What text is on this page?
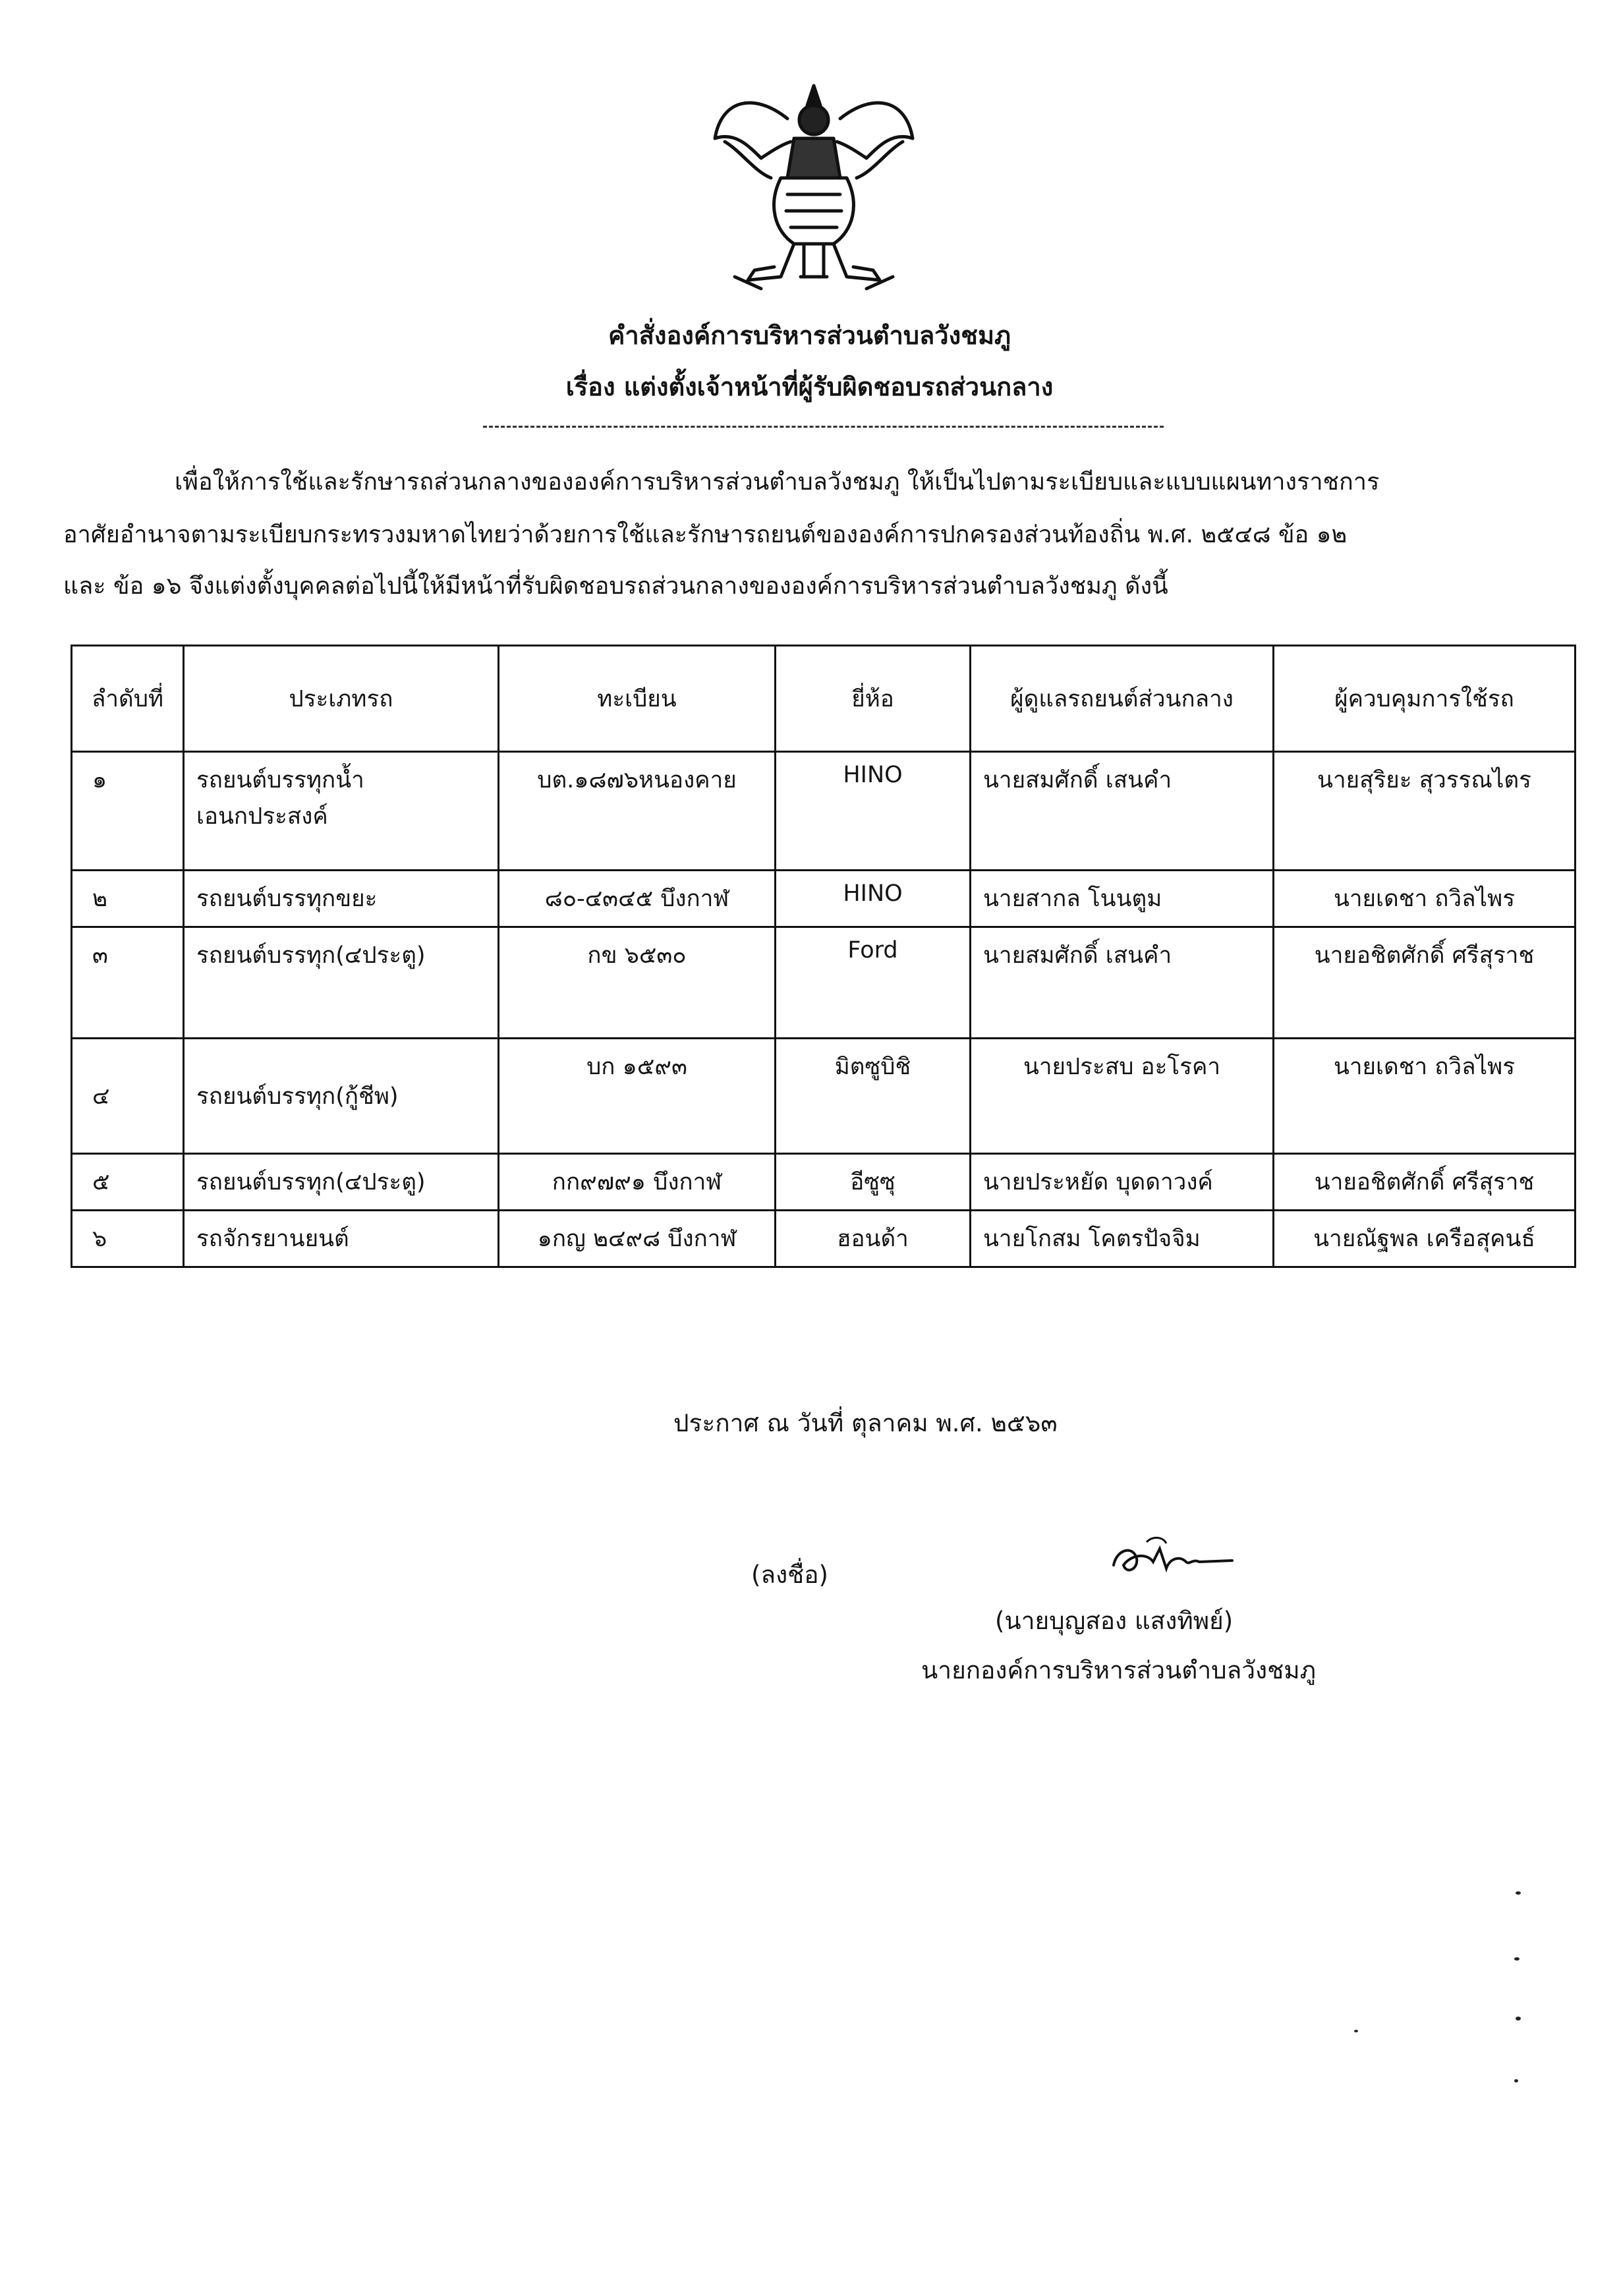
คำสั่งองค์การบริหารส่วนตำบลวังชมภู
เรื่อง แต่งตั้งเจ้าหน้าที่ผู้รับผิดชอบรถส่วนกลาง
เพื่อให้การใช้และรักษารถส่วนกลางขององค์การบริหารส่วนตำบลวังชมภู ให้เป็นไปตามระเบียบและแบบแผนทางราชการ
อาศัยอำนาจตามระเบียบกระทรวงมหาดไทยว่าด้วยการใช้และรักษารถยนต์ขององค์การปกครองส่วนท้องถิ่น พ.ศ. ๒๕๔๘ ข้อ ๑๒
และ ข้อ ๑๖ จึงแต่งตั้งบุคคลต่อไปนี้ให้มีหน้าที่รับผิดชอบรถส่วนกลางขององค์การบริหารส่วนตำบลวังชมภู ดังนี้
ลำดับที่	ประเภทรถ	ทะเบียน	ยี่ห้อ	ผู้ดูแลรถยนต์ส่วนกลาง	ผู้ควบคุมการใช้รถ
๑	รถยนต์บรรทุกน้ำ เอนกประสงค์	บต.๑๘๗๖หนองคาย	HINO	นายสมศักดิ์ เสนคำ	นายสุริยะ สุวรรณไตร
๒	รถยนต์บรรทุกขยะ	๘๐-๔๓๔๕ บึงกาฬ	HINO	นายสากล โนนตูม	นายเดชา ถวิลไพร
๓	รถยนต์บรรทุก(๔ประตู)	กข ๖๕๓๐	Ford	นายสมศักดิ์ เสนคำ	นายอชิตศักดิ์ ศรีสุราช
๔	รถยนต์บรรทุก(กู้ชีพ)	บก ๑๕๙๓	มิตซูบิชิ	นายประสบ อะโรคา	นายเดชา ถวิลไพร
๕	รถยนต์บรรทุก(๔ประตู)	กก๙๗๙๑ บึงกาฬ	อีซูซุ	นายประหยัด บุดดาวงค์	นายอชิตศักดิ์ ศรีสุราช
๖	รถจักรยานยนต์	๑กญ ๒๔๙๘ บึงกาฬ	ฮอนด้า	นายโกสม โคตรปัจจิม	นายณัฐพล เครือสุคนธ์
ประกาศ ณ วันที่ ตุลาคม พ.ศ. ๒๕๖๓
(ลงชื่อ)
(นายบุญสอง แสงทิพย์)
นายกองค์การบริหารส่วนตำบลวังชมภู
